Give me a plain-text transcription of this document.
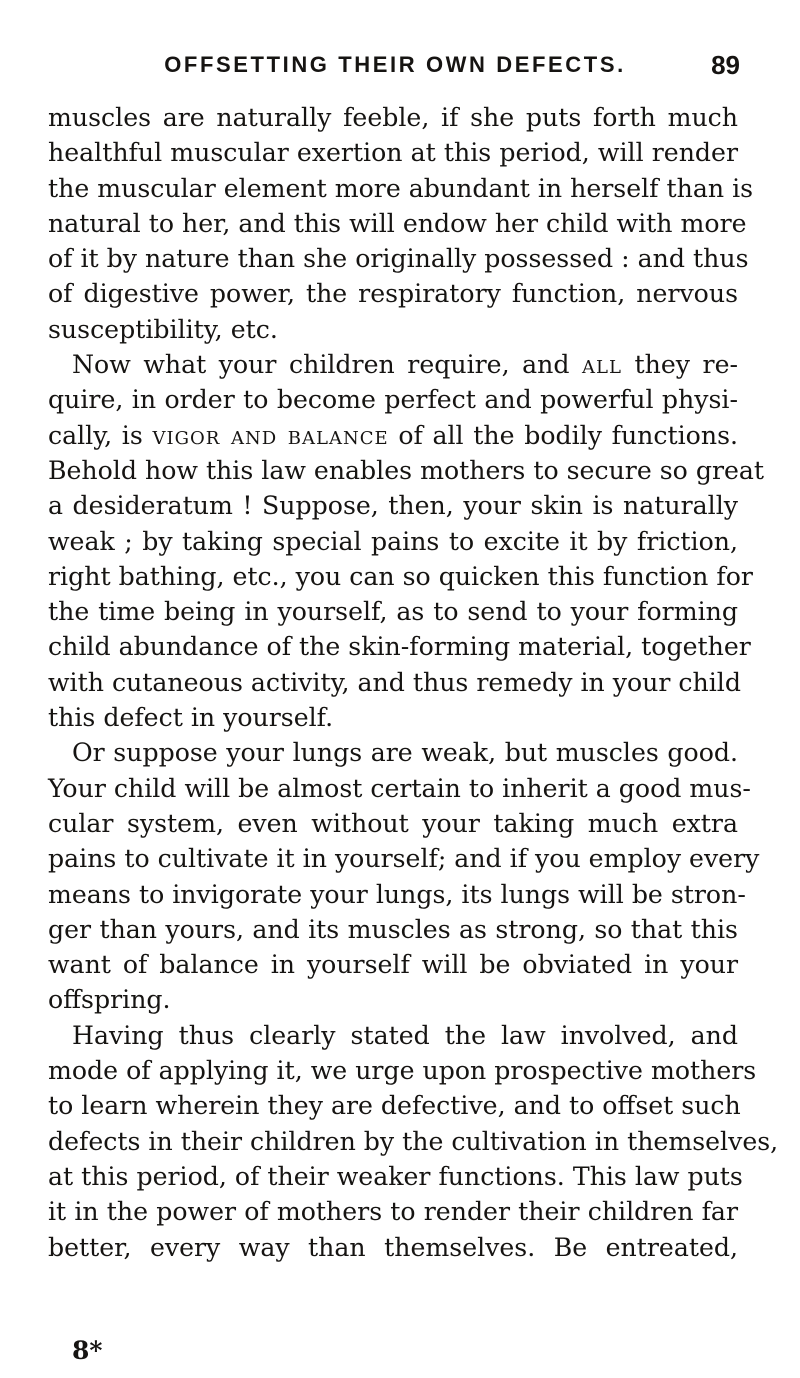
OFFSETTING THEIR OWN DEFECTS.	89
muscles are naturally feeble, if she puts forth much
healthful muscular exertion at this period, will render
the muscular element more abundant in herself than is
natural to her, and this will endow her child with more
of it by nature than she originally possessed : and thus
of digestive power, the respiratory function, nervous
susceptibility, etc.
Now what your children require, and all they re-
quire, in order to become perfect and powerful physi-
cally, is vigor and balance of all the bodily functions.
Behold how this law enables mothers to secure so great
a desideratum ! Suppose, then, your skin is naturally
weak ; by taking special pains to excite it by friction,
right bathing, etc., you can so quicken this function for
the time being in yourself, as to send to your forming
child abundance of the skin-forming material, together
with cutaneous activity, and thus remedy in your child
this defect in yourself.
Or suppose your lungs are weak, but muscles good.
Your child will be almost certain to inherit a good mus-
cular system, even without your taking much extra
pains to cultivate it in yourself; and if you employ every
means to invigorate your lungs, its lungs will be stron-
ger than yours, and its muscles as strong, so that this
want of balance in yourself will be obviated in your
offspring.
Having thus clearly stated the law involved, and
mode of applying it, we urge upon prospective mothers
to learn wherein they are defective, and to offset such
defects in their children by the cultivation in themselves,
at this period, of their weaker functions. This law puts
it in the power of mothers to render their children far
better, every way than themselves. Be entreated,
8*
